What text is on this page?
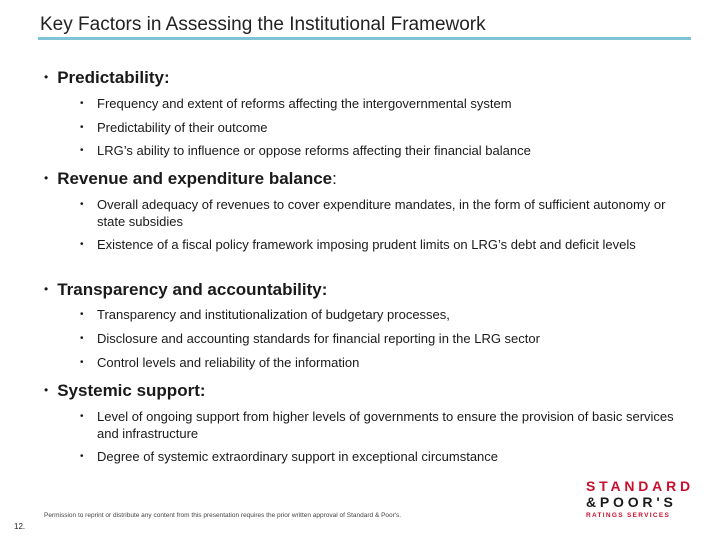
Key Factors in Assessing the Institutional Framework

• Predictability:

•	Frequency and extent of reforms affecting the intergovernmental system
•	Predictability of their outcome
•	LRG’s ability to influence or oppose reforms affecting their financial balance

• Revenue and expenditure balance:

•	Overall adequacy of revenues to cover expenditure mandates, in the form of sufficient autonomy or state subsidies
•	Existence of a fiscal policy framework imposing prudent limits on LRG’s debt and deficit levels

• Transparency and accountability:

•	Transparency and institutionalization of budgetary processes,
•	Disclosure and accounting standards for financial reporting in the LRG sector
•	Control levels and reliability of the information

• Systemic support:

•	Level of ongoing support from higher levels of governments to ensure the provision of basic services and infrastructure
•	Degree of systemic extraordinary support in exceptional circumstance
Permission to reprint or distribute any content from this presentation requires the prior written approval of Standard & Poor's.
12.
STANDARD
&POOR'S
RATINGS SERVICES
